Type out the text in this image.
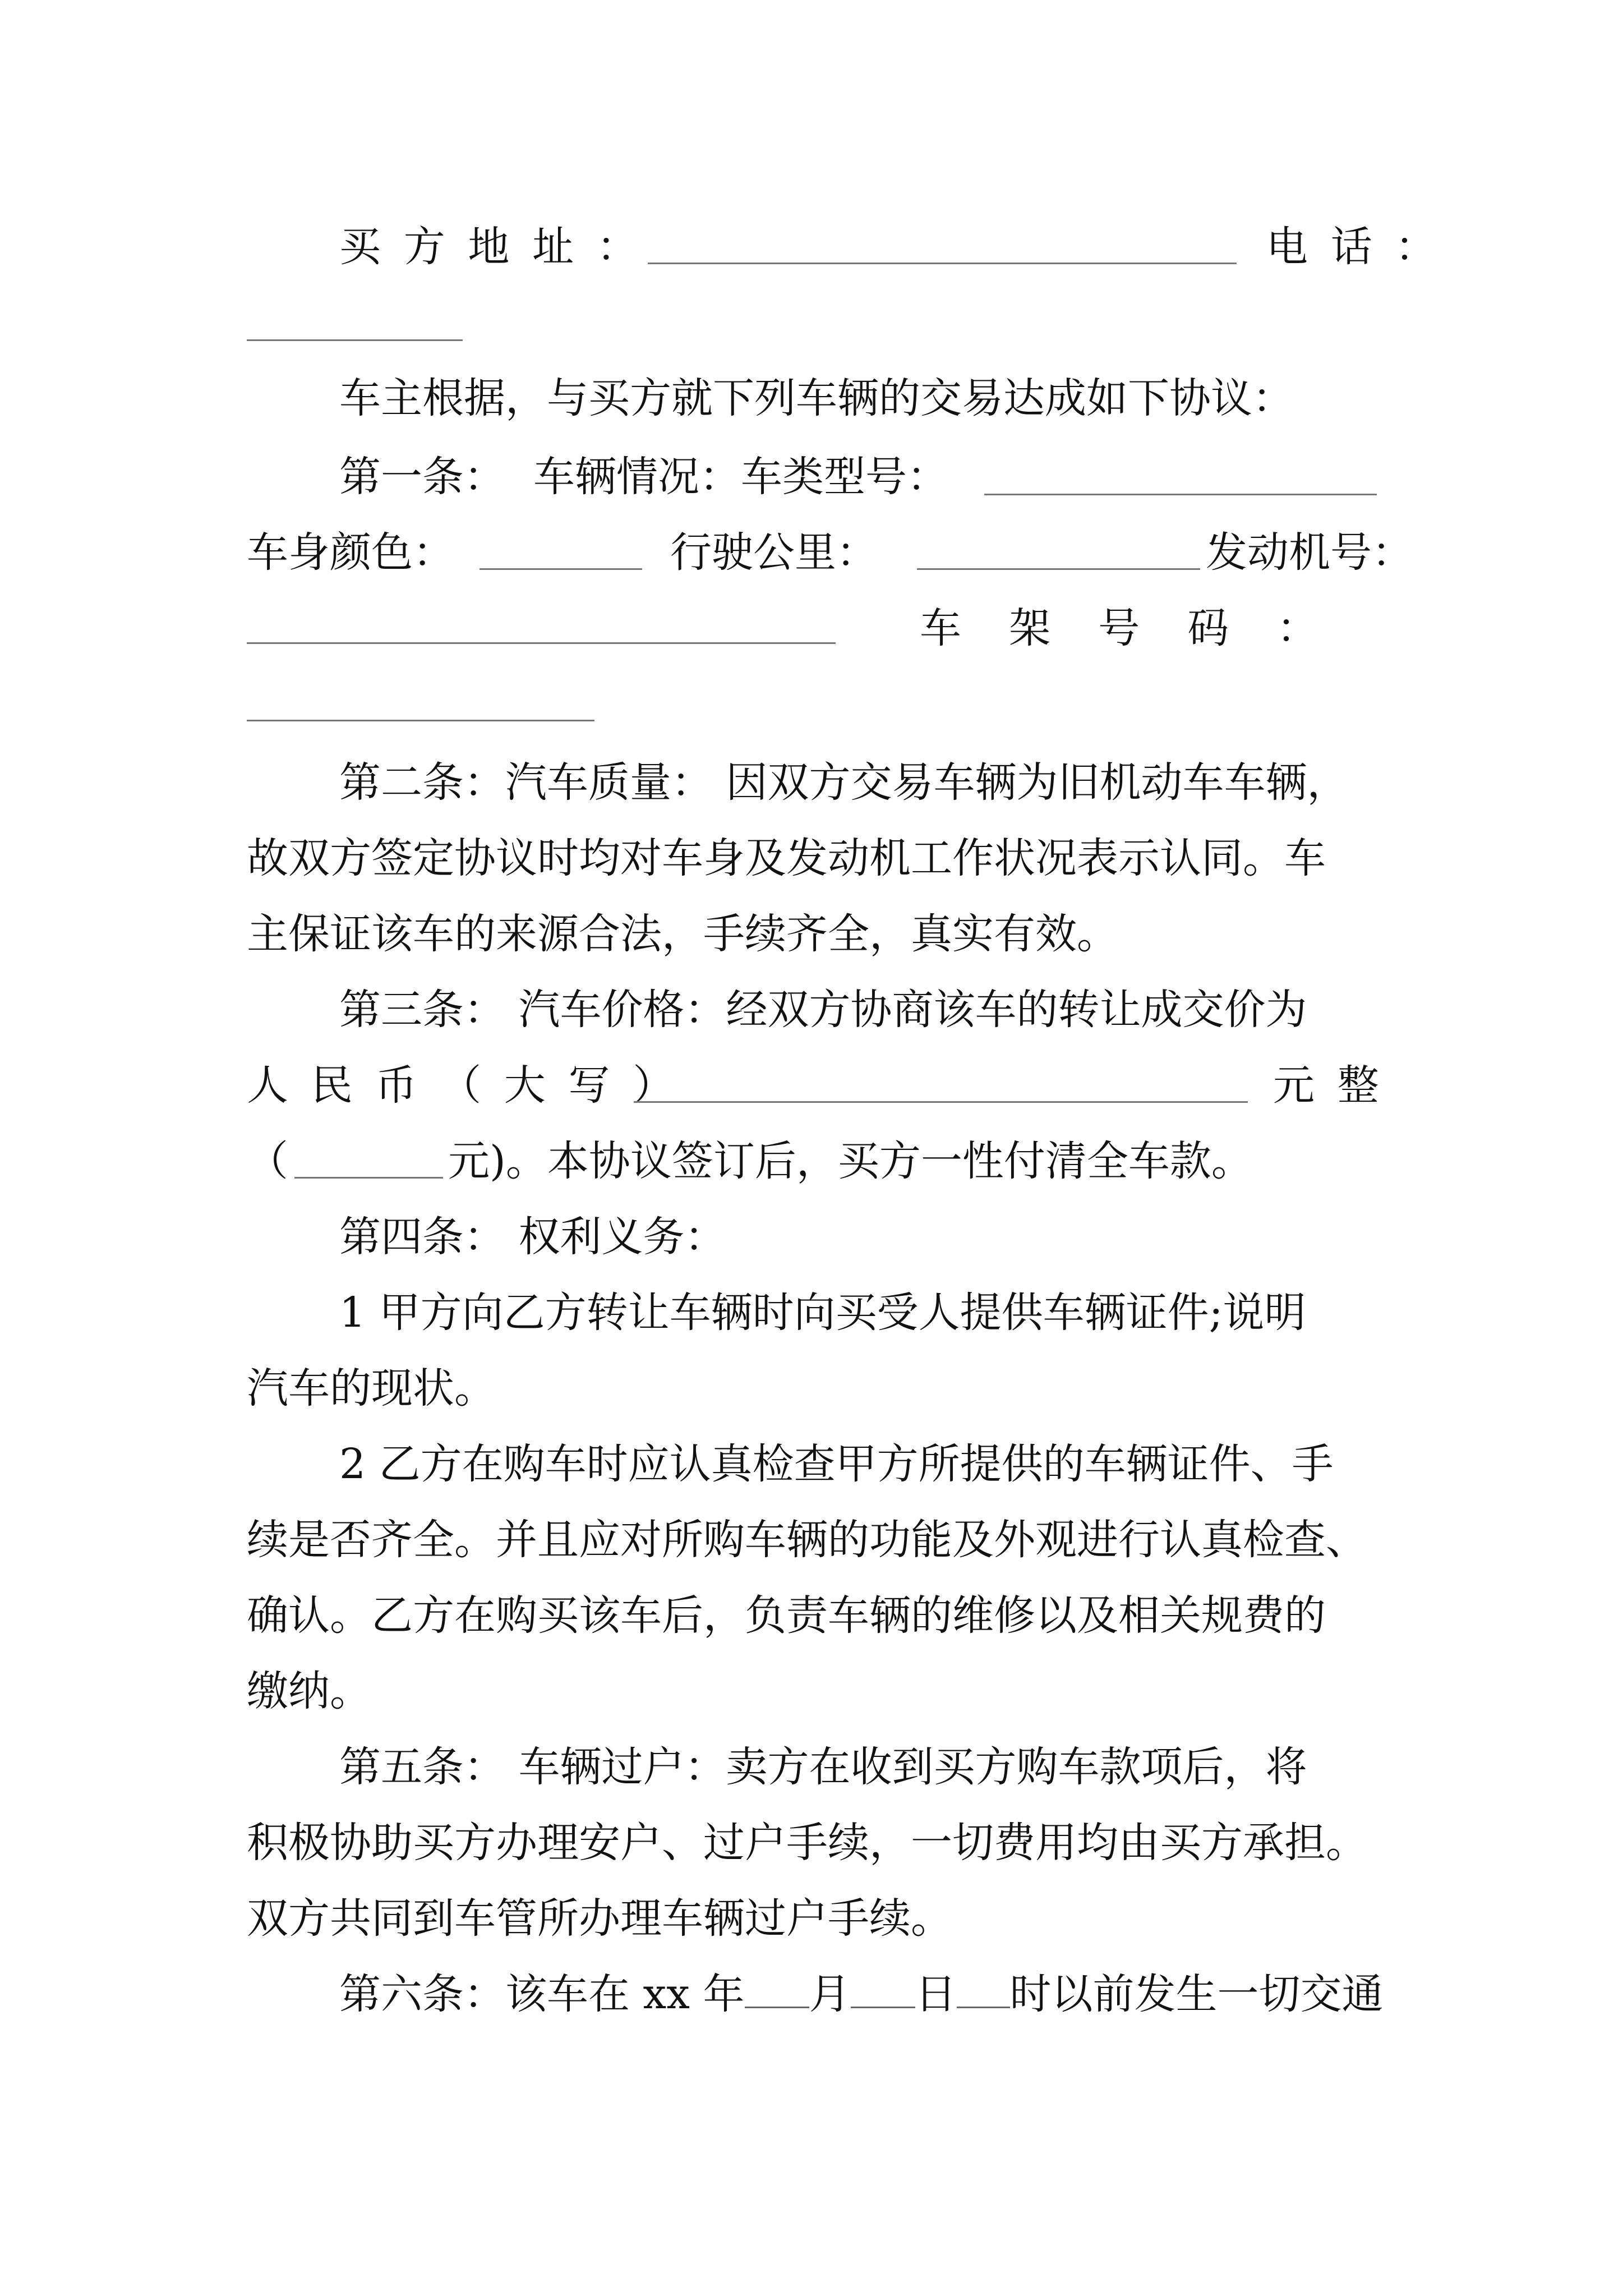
买方地址：	电话：
车主根据，与买方就下列车辆的交易达成如下协议：
第一条： 车辆情况：车类型号：
车身颜色：	行驶公里：	发动机号：
车架号码：
第二条：汽车质量： 因双方交易车辆为旧机动车车辆，
故双方签定协议时均对车身及发动机工作状况表示认同。车
主保证该车的来源合法，手续齐全，真实有效。
第三条： 汽车价格：经双方协商该车的转让成交价为
人民币（大写）	元整
（	元)。本协议签订后，买方一性付清全车款。
第四条： 权利义务：
1 甲方向乙方转让车辆时向买受人提供车辆证件;说明
汽车的现状。
2 乙方在购车时应认真检查甲方所提供的车辆证件、手
续是否齐全。并且应对所购车辆的功能及外观进行认真检查、
确认。乙方在购买该车后，负责车辆的维修以及相关规费的
缴纳。
第五条： 车辆过户：卖方在收到买方购车款项后，将
积极协助买方办理安户、过户手续，一切费用均由买方承担。
双方共同到车管所办理车辆过户手续。
第六条：该车在 xx 年 月 日 时以前发生一切交通
